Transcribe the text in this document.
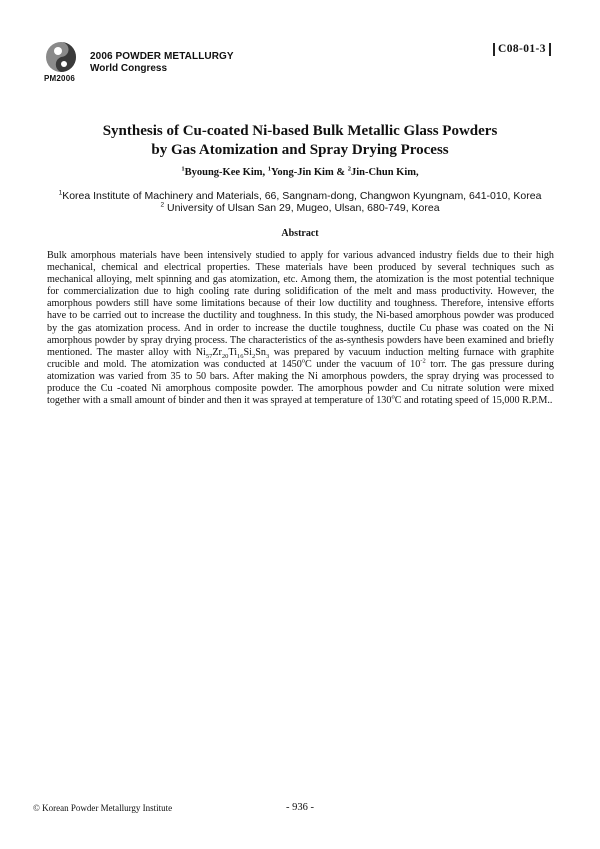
PM2006
2006 POWDER METALLURGY
World Congress
C08-01-3
Synthesis of Cu-coated Ni-based Bulk Metallic Glass Powders
by Gas Atomization and Spray Drying Process
$^1$Byoung-Kee Kim, $^1$Yong-Jin Kim & $^2$Jin-Chun Kim,
$^1$Korea Institute of Machinery and Materials, 66, Sangnam-dong, Changwon Kyungnam, 641-010, Korea
$^2$ University of Ulsan San 29, Mugeo, Ulsan, 680-749, Korea
Abstract

Bulk amorphous materials have been intensively studied to apply for various advanced industry fields due to their high mechanical, chemical and electrical properties. These materials have been produced by several techniques such as mechanical alloying, melt spinning and gas atomization, etc. Among them, the atomization is the most potential technique for commercialization due to high cooling rate during solidification of the melt and mass productivity. However, the amorphous powders still have some limitations because of their low ductility and toughness. Therefore, intensive efforts have to be carried out to increase the ductility and toughness. In this study, the Ni-based amorphous powder was produced by the gas atomization process. And in order to increase the ductile toughness, ductile Cu phase was coated on the Ni amorphous powder by spray drying process. The characteristics of the as-synthesis powders have been examined and briefly mentioned. The master alloy with $Ni_{57}Zr_{20}Ti_{16}Si_2Sn_3$ was prepared by vacuum induction melting furnace with graphite crucible and mold. The atomization was conducted at 1450$^o$C under the vacuum of $10^{-2}$ torr. The gas pressure during atomization was varied from 35 to 50 bars. After making the Ni amorphous powders, the spray drying was processed to produce the Cu -coated Ni amorphous composite powder. The amorphous powder and Cu nitrate solution were mixed together with a small amount of binder and then it was sprayed at temperature of 130$^o$C and rotating speed of 15,000 R.P.M..

© Korean Powder Metallurgy Institute	- 936 -
